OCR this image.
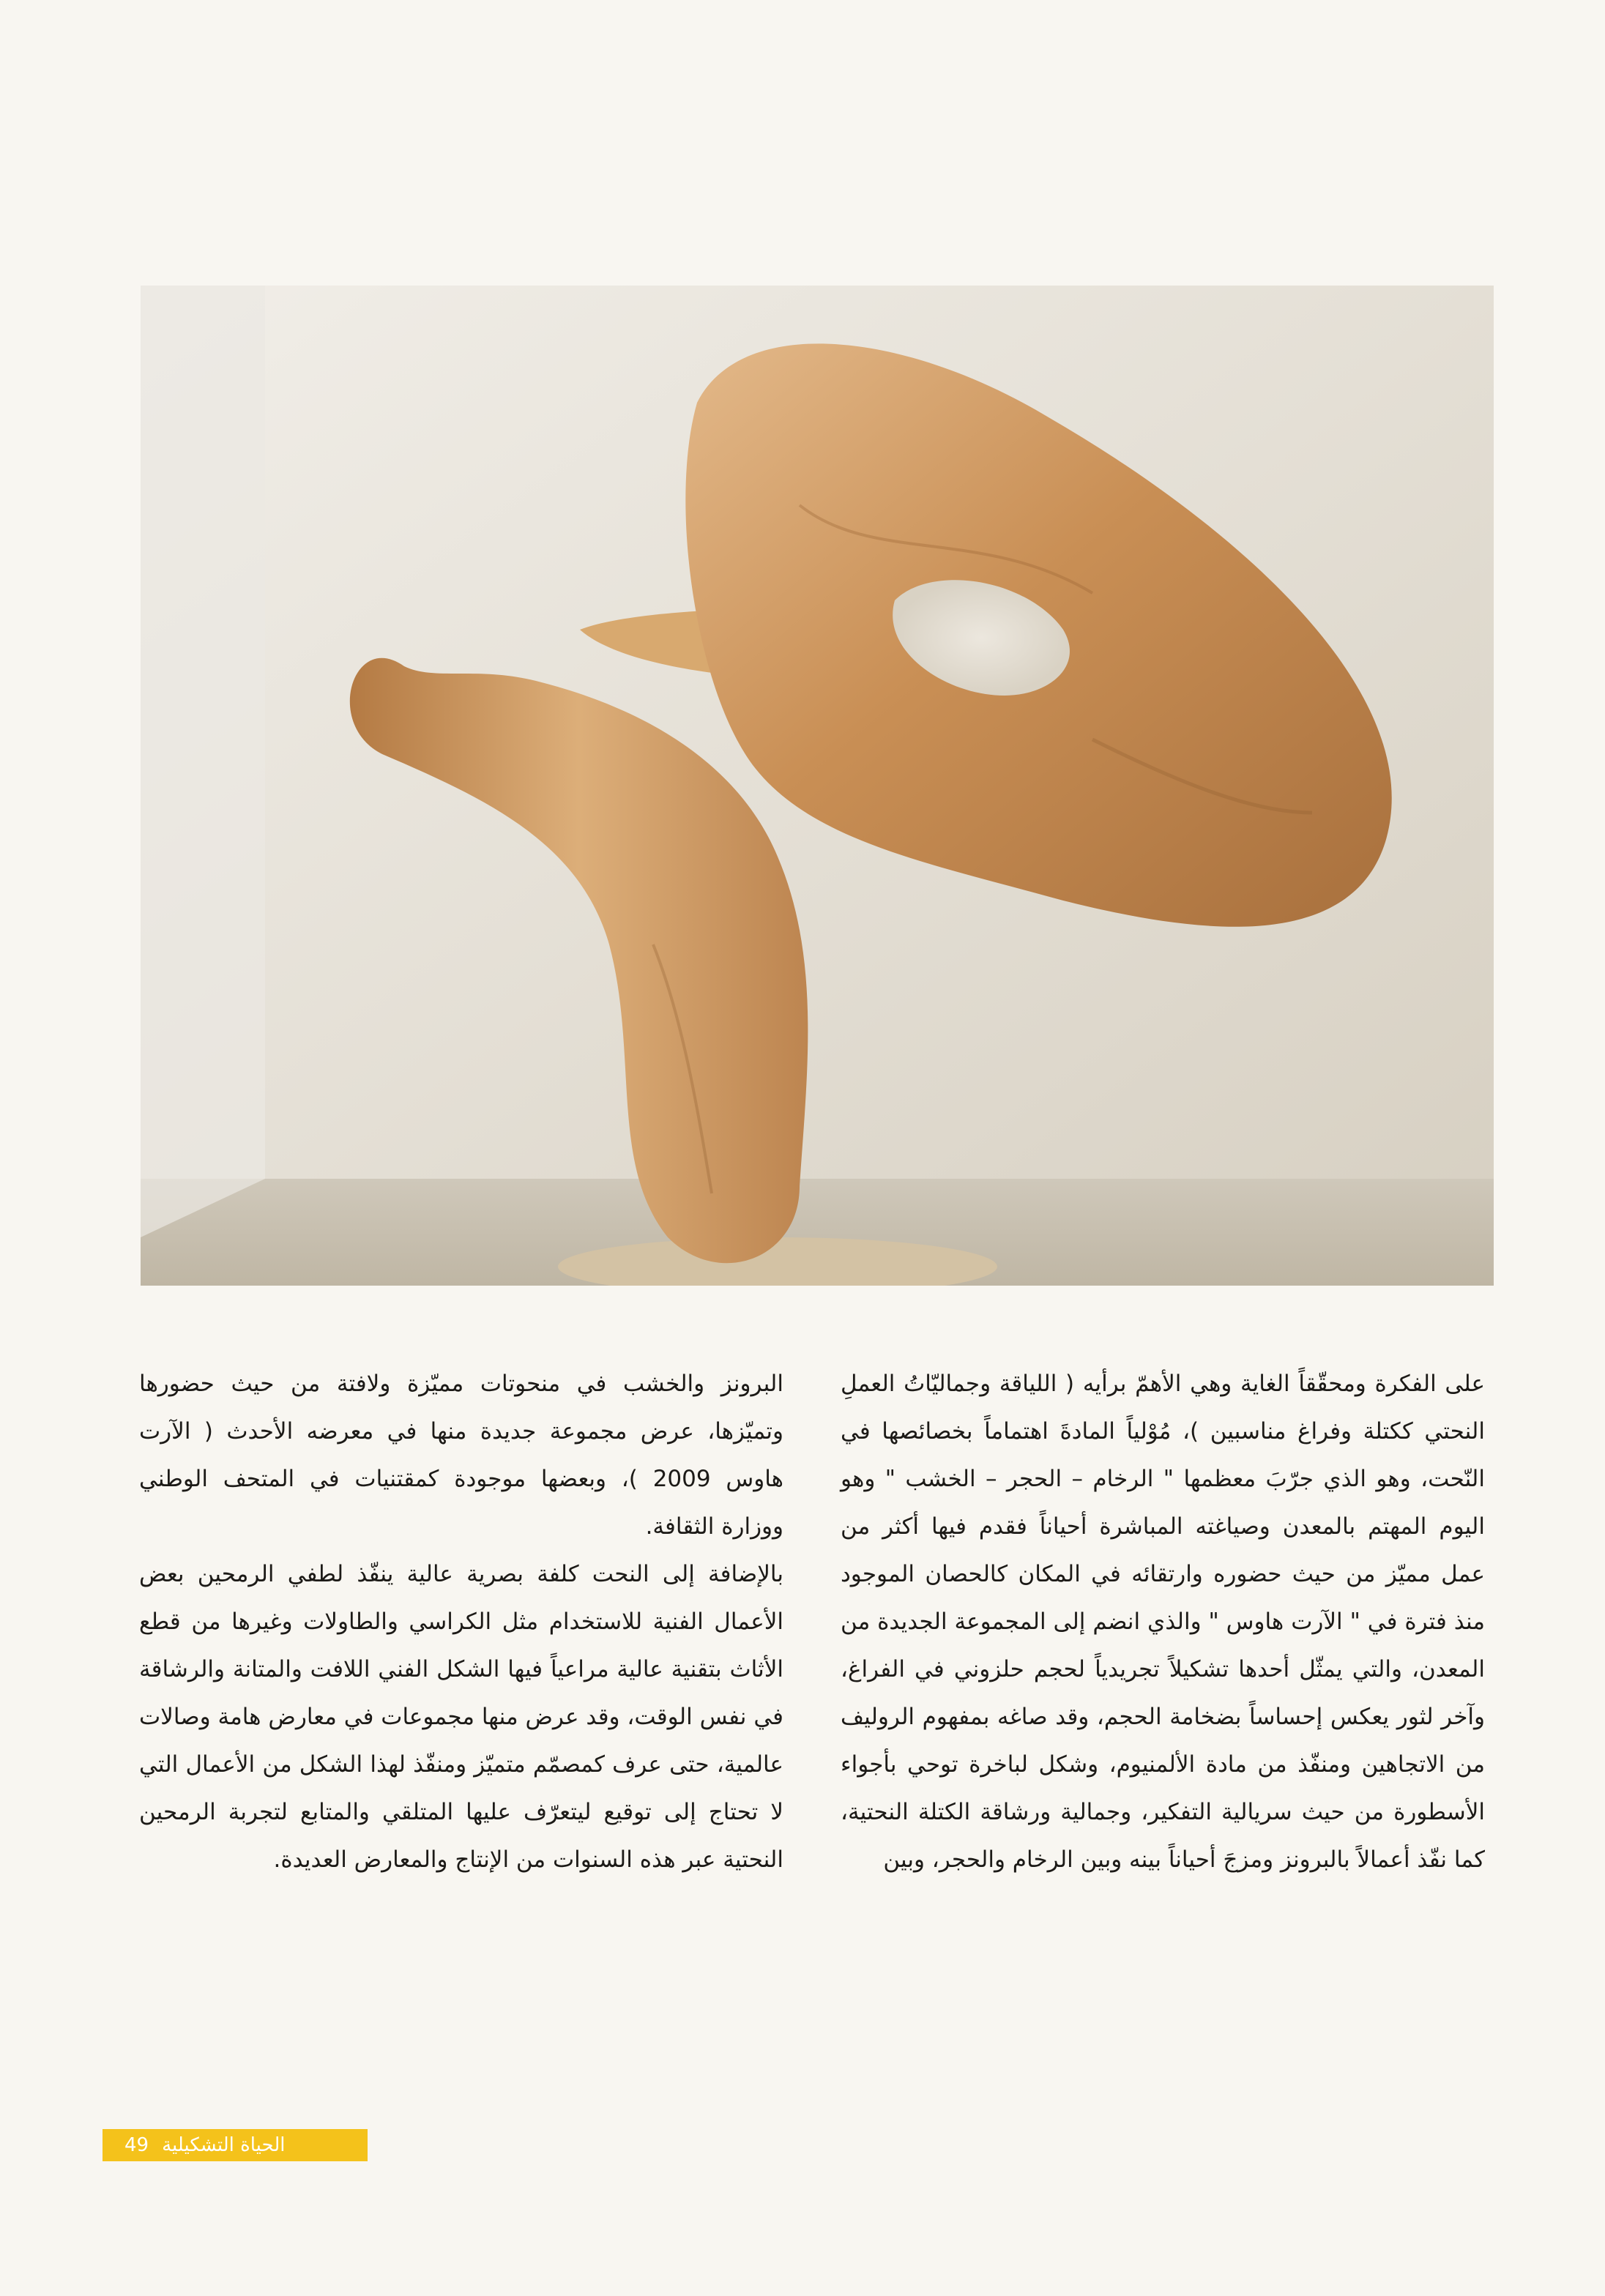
على الفكرة ومحقّقاً الغاية وهي الأهمّ برأيه ( اللياقة وجماليّاتُ العملِ النحتي ككتلة وفراغ مناسبين )، مُوْلياً المادةَ اهتماماً بخصائصها في النّحت، وهو الذي جرّبَ معظمها " الرخام – الحجر – الخشب " وهو اليوم المهتم بالمعدن وصياغته المباشرة أحياناً فقدم فيها أكثر من عمل مميّز من حيث حضوره وارتقائه في المكان كالحصان الموجود منذ فترة في " الآرت هاوس " والذي انضم إلى المجموعة الجديدة من المعدن، والتي يمثّل أحدها تشكيلاً تجريدياً لحجم حلزوني في الفراغ، وآخر لثور يعكس إحساساً بضخامة الحجم، وقد صاغه بمفهوم الروليف من الاتجاهين ومنفّذ من مادة الألمنيوم، وشكل لباخرة توحي بأجواء الأسطورة من حيث سريالية التفكير، وجمالية ورشاقة الكتلة النحتية، كما نفّذ أعمالاً بالبرونز ومزجَ أحياناً بينه وبين الرخام والحجر، وبين

البرونز والخشب في منحوتات مميّزة ولافتة من حيث حضورها وتميّزها، عرض مجموعة جديدة منها في معرضه الأحدث ( الآرت هاوس 2009 )، وبعضها موجودة كمقتنيات في المتحف الوطني ووزارة الثقافة.

بالإضافة إلى النحت كلفة بصرية عالية ينفّذ لطفي الرمحين بعض الأعمال الفنية للاستخدام مثل الكراسي والطاولات وغيرها من قطع الأثاث بتقنية عالية مراعياً فيها الشكل الفني اللافت والمتانة والرشاقة في نفس الوقت، وقد عرض منها مجموعات في معارض هامة وصالات عالمية، حتى عرف كمصمّم متميّز ومنفّذ لهذا الشكل من الأعمال التي لا تحتاج إلى توقيع ليتعرّف عليها المتلقي والمتابع لتجربة الرمحين النحتية عبر هذه السنوات من الإنتاج والمعارض العديدة.

49 الحياة التشكيلية
